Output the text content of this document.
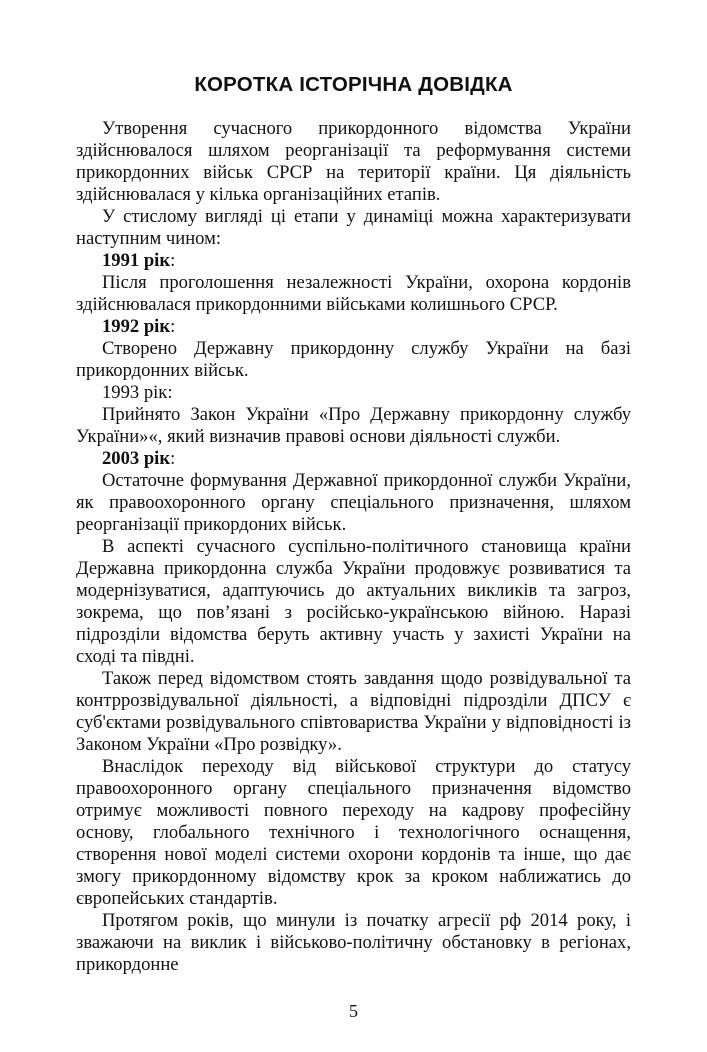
КОРОТКА ІСТОРІЧНА ДОВІДКА

Утворення сучасного прикордонного відомства України здійснювалося шляхом реорганізації та реформування системи прикордонних військ СРСР на території країни. Ця діяльність здійснювалася у кілька організаційних етапів.

У стисломy вигляді ці етапи у динаміці можна характеризувати наступним чином:

1991 рік:

Після проголошення незалежності України, охорона кордонів здійснювалася прикордонними військами колишнього СРСР.

1992 рік:

Створено Державну прикордонну службу України на базі прикордонних військ.

1993 рік:

Прийнято Закон України «Про Державну прикордонну службу України»«, який визначив правові основи діяльності служби.

2003 рік:

Остаточне формування Державної прикордонної служби України, як правоохоронного органу спеціального призначення, шляхом реорганізації прикордоних військ.

В аспекті сучасного суспільно-політичного становища країни Державна прикордонна служба України продовжує розвиватися та модернізуватися, адаптуючись до актуальних викликів та загроз, зокрема, що пов’язані з російсько-українською війною. Наразі підрозділи відомства беруть активну участь у захисті України на сході та півдні.

Також перед відомством стоять завдання щодо розвідувальної та контррозвідувальної діяльності, а відповідні підрозділи ДПСУ є суб'єктами розвідувального співтовариства України у відповідності із Законом України «Про розвідку».

Внаслідок переходу від військової структури до статусу правоохоронного органу спеціального призначення відомство отримує можливості повного переходу на кадрову професійну основу, глобального технічного і технологічного оснащення, створення нової моделі системи охорони кордонів та інше, що дає змогу прикордонному відомству крок за кроком наближатись до європейських стандартів.

Протягом років, що минули із початку агресії рф 2014 року, і зважаючи на виклик і військово-політичну обстановку в регіонах, прикордонне

5
